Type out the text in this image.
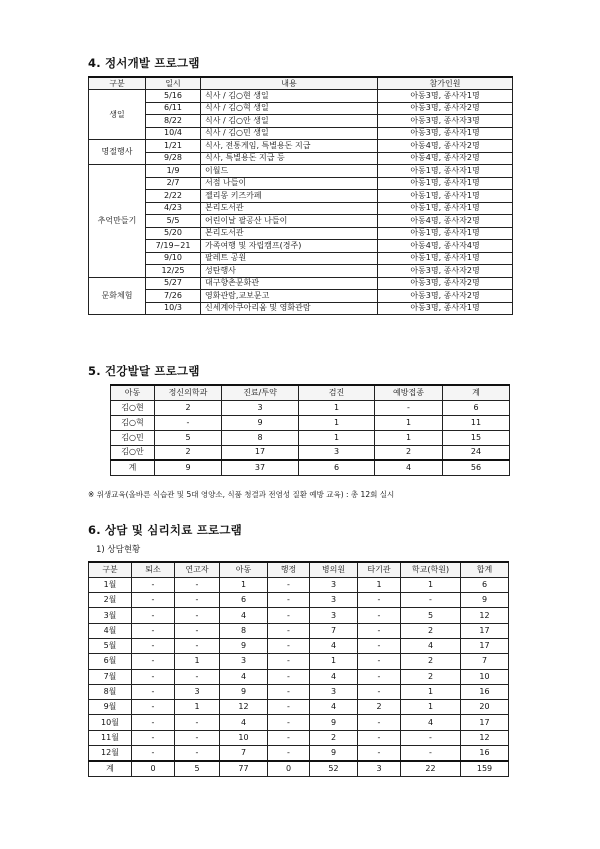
4. 정서개발 프로그램
구분	일시	내용	참가인원
생일	5/16	식사 / 김○현 생일	아동3명, 종사자1명
	6/11	식사 / 김○혁 생일	아동3명, 종사자2명
	8/22	식사 / 김○안 생일	아동3명, 종사자3명
	10/4	식사 / 김○민 생일	아동3명, 종사자1명
명절행사	1/21	식사, 전통게임, 특별용돈 지급	아동4명, 종사자2명
	9/28	식사, 특별용돈 지급 등	아동4명, 종사자2명
추억만들기	1/9	이월드	아동1명, 종사자1명
	2/7	서점 나들이	아동1명, 종사자1명
	2/22	젤리몽 키즈카페	아동1명, 종사자1명
	4/23	본리도서관	아동1명, 종사자1명
	5/5	어린이날 팔공산 나들이	아동4명, 종사자2명
	5/20	본리도서관	아동1명, 종사자1명
	7/19~21	가족여행 및 자립캠프(경주)	아동4명, 종사자4명
	9/10	팔레트 공원	아동1명, 종사자1명
	12/25	성탄행사	아동3명, 종사자2명
문화체험	5/27	대구향촌문화관	아동3명, 종사자2명
	7/26	영화관람,교보문고	아동3명, 종사자2명
	10/3	신세계아쿠아리움 및 영화관람	아동3명, 종사자1명
5. 건강발달 프로그램
아동	정신의학과	진료/투약	검진	예방접종	계
김○현	2	3	1	-	6
김○혁	-	9	1	1	11
김○민	5	8	1	1	15
김○안	2	17	3	2	24
계	9	37	6	4	56
※ 위생교육(올바른 식습관 및 5대 영양소, 식품 청결과 전염성 질환 예방 교육) : 총 12회 실시
6. 상담 및 심리치료 프로그램
1) 상담현황
구분	퇴소	연고자	아동	행정	병의원	타기관	학교(학원)	합계
1월	-	-	1	-	3	1	1	6
2월	-	-	6	-	3	-	-	9
3월	-	-	4	-	3	-	5	12
4월	-	-	8	-	7	-	2	17
5월	-	-	9	-	4	-	4	17
6월	-	1	3	-	1	-	2	7
7월	-	-	4	-	4	-	2	10
8월	-	3	9	-	3	-	1	16
9월	-	1	12	-	4	2	1	20
10월	-	-	4	-	9	-	4	17
11월	-	-	10	-	2	-	-	12
12월	-	-	7	-	9	-	-	16
계	0	5	77	0	52	3	22	159
